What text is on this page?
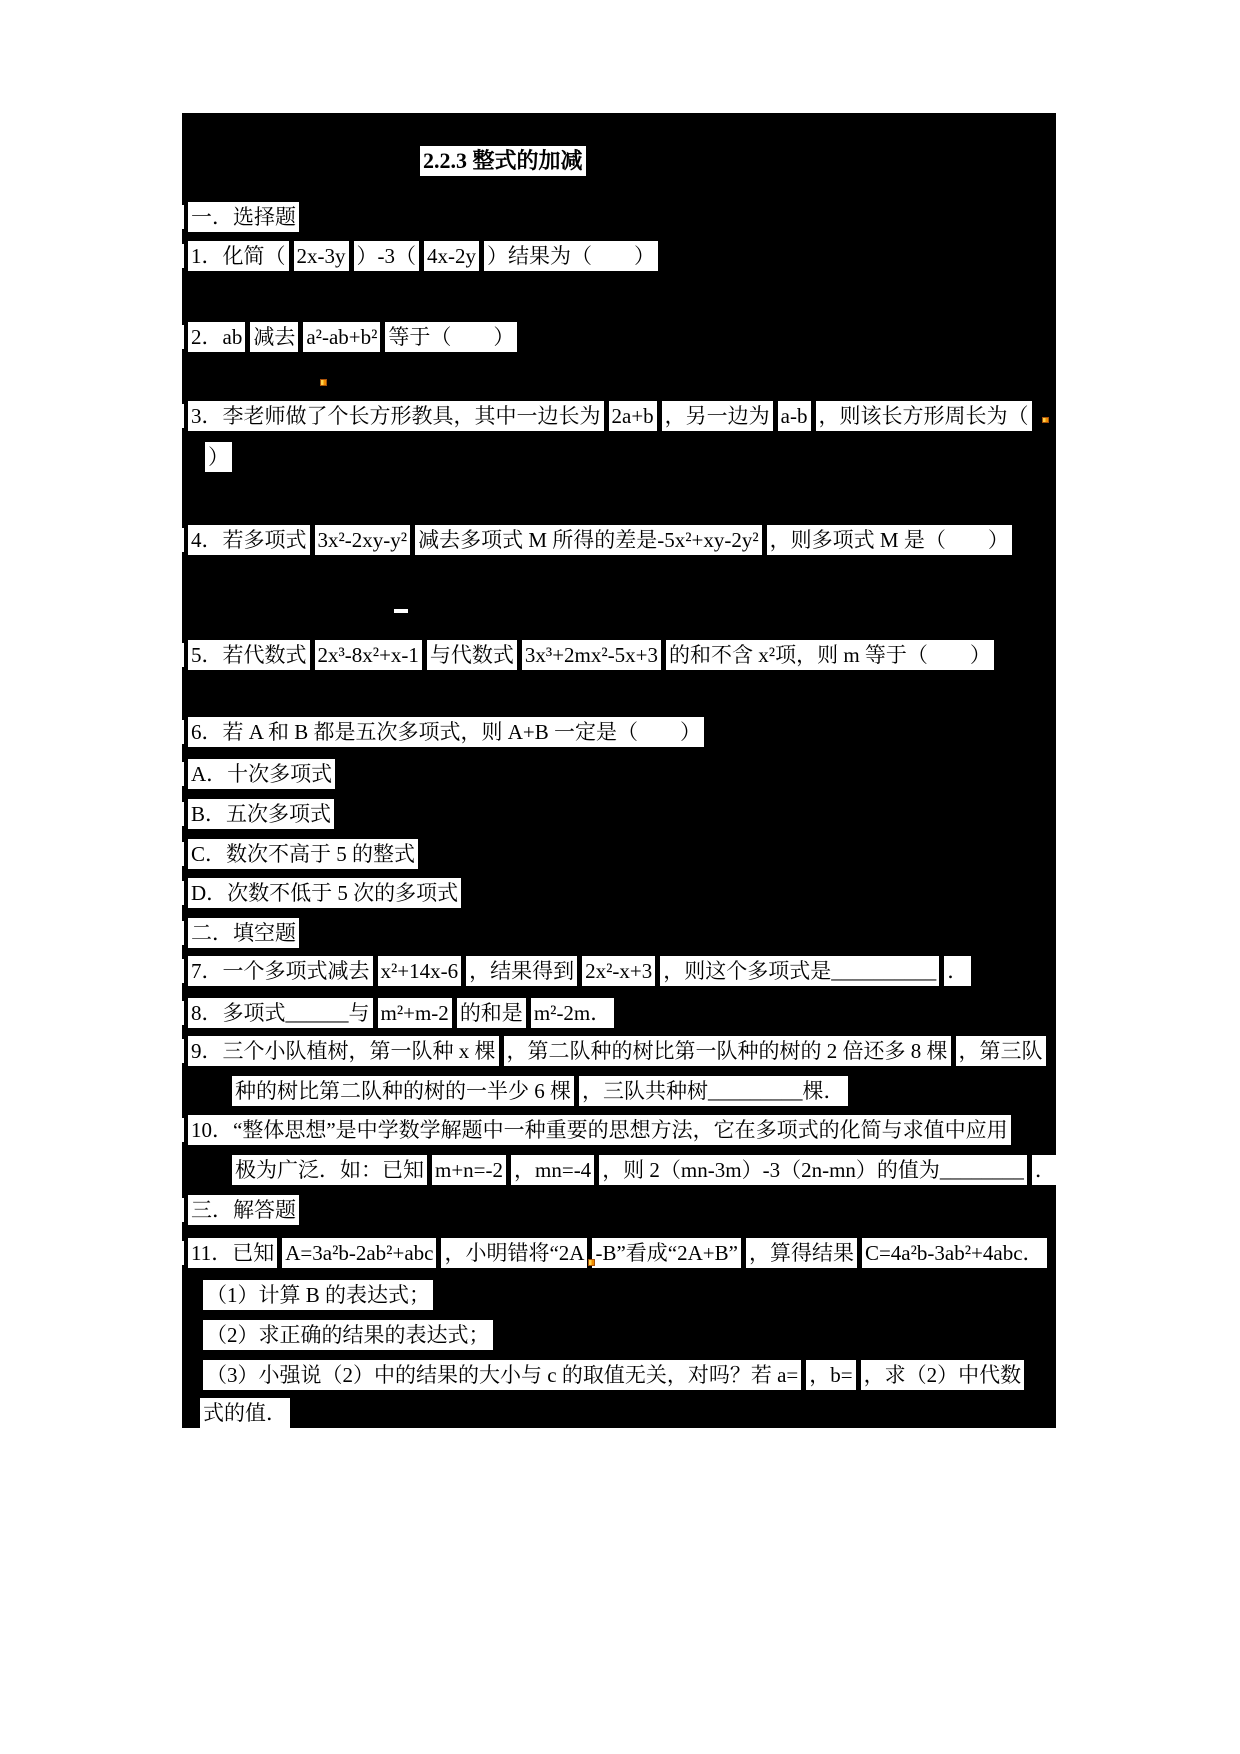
2.2.3 整式的加减
一．选择题
1．化简（ 2x-3y ）-3（ 4x-2y ）结果为（　　）
2．ab 减去 a²-ab+b² 等于（　　）
3．李老师做了个长方形教具，其中一边长为 2a+b ，另一边为 a-b ，则该长方形周长为（
）
4．若多项式 3x²-2xy-y² 减去多项式 M 所得的差是-5x²+xy-2y² ，则多项式 M 是（　　）
5．若代数式 2x³-8x²+x-1 与代数式 3x³+2mx²-5x+3 的和不含 x²项，则 m 等于（　　）
6．若 A 和 B 都是五次多项式，则 A+B 一定是（　　）
A．十次多项式
B．五次多项式
C．数次不高于 5 的整式
D．次数不低于 5 次的多项式
二．填空题
7．一个多项式减去 x²+14x-6 ，结果得到 2x²-x+3 ，则这个多项式是__________ ．
8．多项式______与 m²+m-2 的和是 m²-2m．
9．三个小队植树，第一队种 x 棵 ，第二队种的树比第一队种的树的 2 倍还多 8 棵 ，第三队
种的树比第二队种的树的一半少 6 棵 ，三队共种树_________棵．
10．“整体思想”是中学数学解题中一种重要的思想方法，它在多项式的化简与求值中应用
极为广泛．如：已知 m+n=-2 ，mn=-4 ，则 2（mn-3m）-3（2n-mn）的值为________ ．
三．解答题
11．已知 A=3a²b-2ab²+abc ，小明错将“2A -B”看成“2A+B” ，算得结果 C=4a²b-3ab²+4abc．
（1）计算 B 的表达式；
（2）求正确的结果的表达式；
（3）小强说（2）中的结果的大小与 c 的取值无关，对吗？若 a= ，b= ，求（2）中代数
式的值．
